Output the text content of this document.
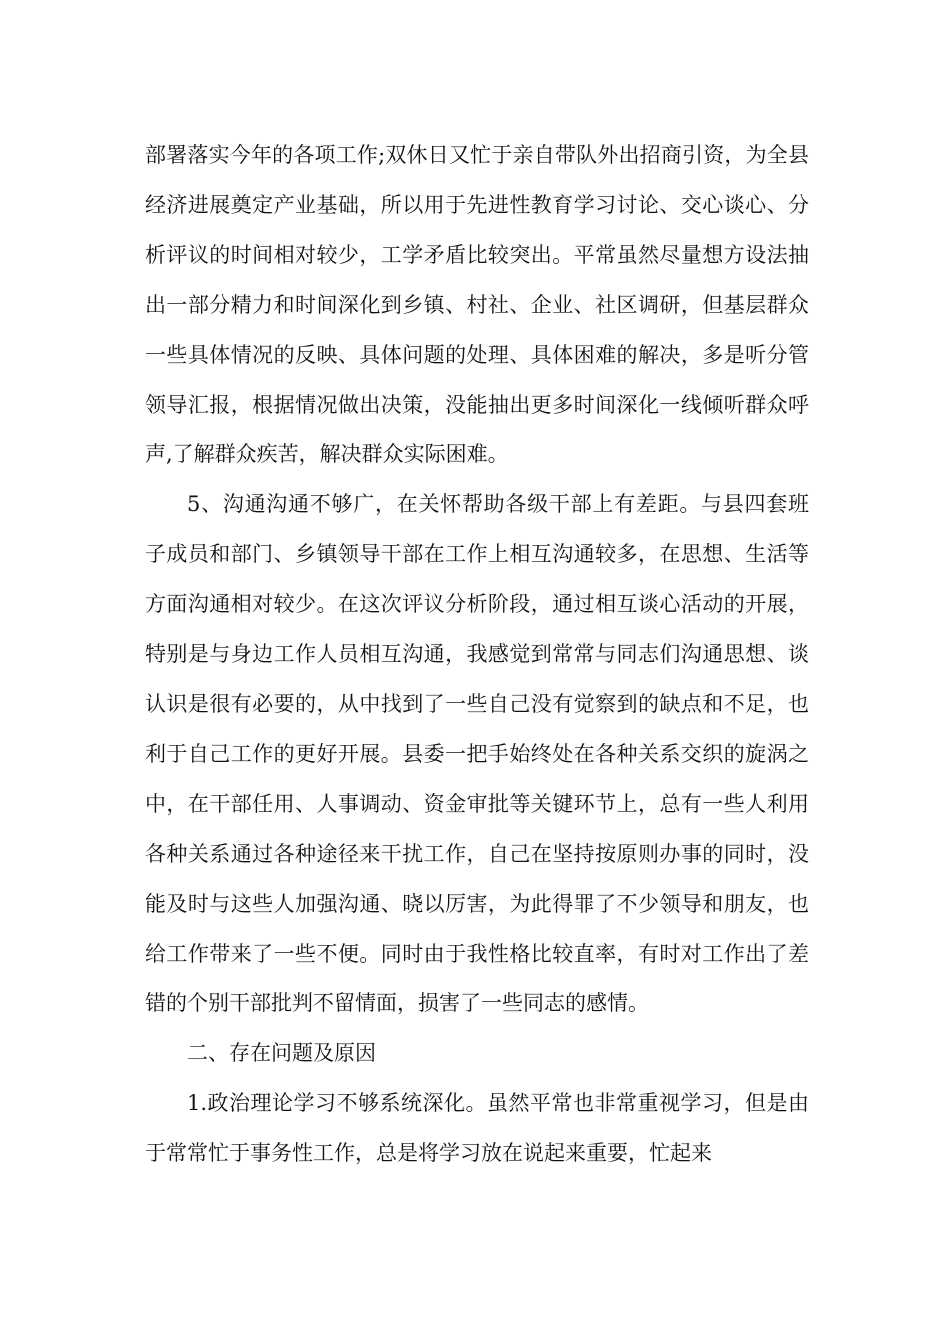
部署落实今年的各项工作;双休日又忙于亲自带队外出招商引资，为全县经济进展奠定产业基础，所以用于先进性教育学习讨论、交心谈心、分析评议的时间相对较少，工学矛盾比较突出。平常虽然尽量想方设法抽出一部分精力和时间深化到乡镇、村社、企业、社区调研，但基层群众一些具体情况的反映、具体问题的处理、具体困难的解决，多是听分管领导汇报，根据情况做出决策，没能抽出更多时间深化一线倾听群众呼声,了解群众疾苦，解决群众实际困难。

5、沟通沟通不够广，在关怀帮助各级干部上有差距。与县四套班子成员和部门、乡镇领导干部在工作上相互沟通较多，在思想、生活等方面沟通相对较少。在这次评议分析阶段，通过相互谈心活动的开展，特别是与身边工作人员相互沟通，我感觉到常常与同志们沟通思想、谈认识是很有必要的，从中找到了一些自己没有觉察到的缺点和不足，也利于自己工作的更好开展。县委一把手始终处在各种关系交织的旋涡之中，在干部任用、人事调动、资金审批等关键环节上，总有一些人利用各种关系通过各种途径来干扰工作，自己在坚持按原则办事的同时，没能及时与这些人加强沟通、晓以厉害，为此得罪了不少领导和朋友，也给工作带来了一些不便。同时由于我性格比较直率，有时对工作出了差错的个别干部批判不留情面，损害了一些同志的感情。

二、存在问题及原因

1.政治理论学习不够系统深化。虽然平常也非常重视学习，但是由于常常忙于事务性工作，总是将学习放在说起来重要，忙起来
